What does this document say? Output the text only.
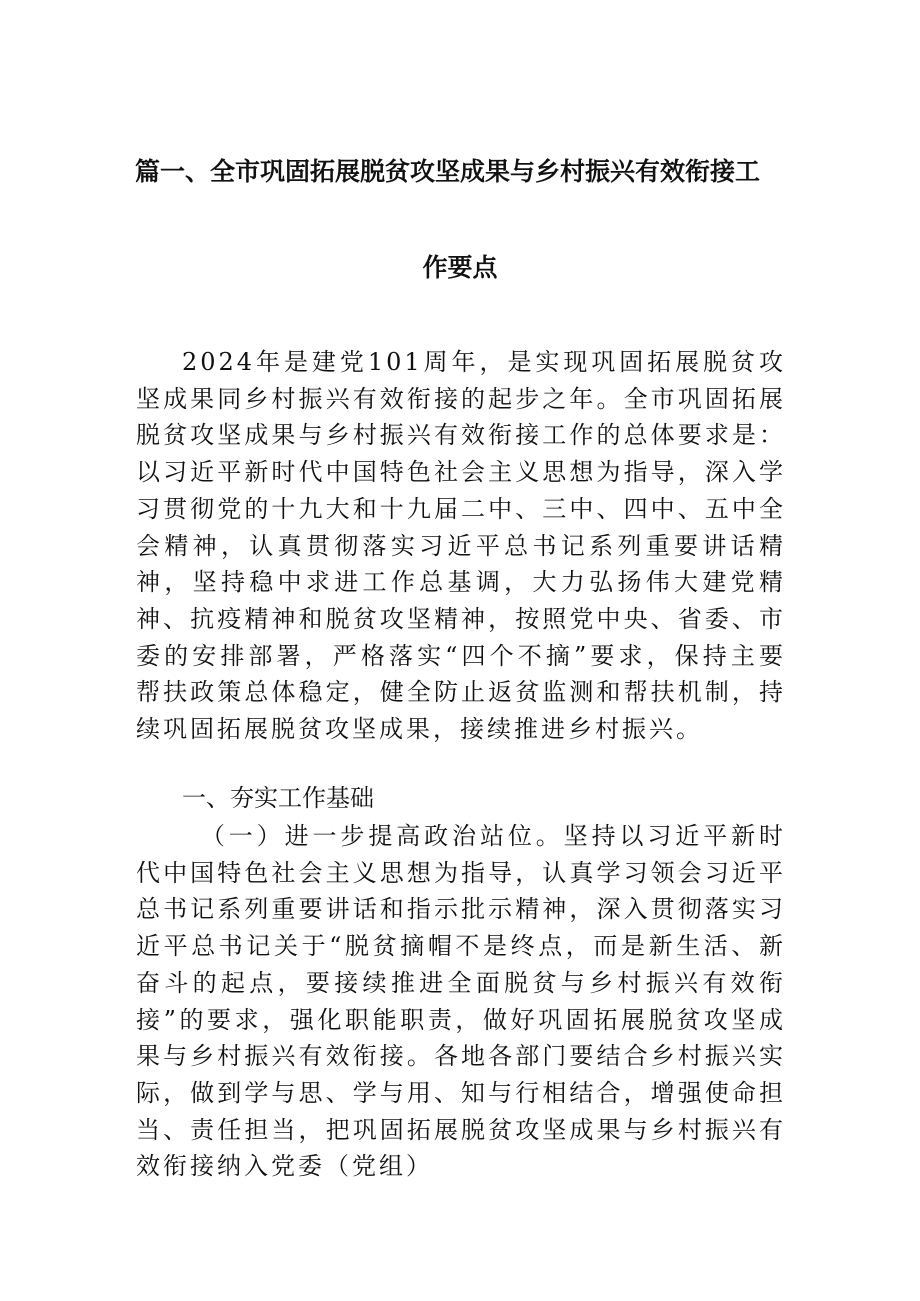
篇一、全市巩固拓展脱贫攻坚成果与乡村振兴有效衔接工
作要点
2024年是建党101周年，是实现巩固拓展脱贫攻坚成果同乡村振兴有效衔接的起步之年。全市巩固拓展脱贫攻坚成果与乡村振兴有效衔接工作的总体要求是：以习近平新时代中国特色社会主义思想为指导，深入学习贯彻党的十九大和十九届二中、三中、四中、五中全会精神，认真贯彻落实习近平总书记系列重要讲话精神，坚持稳中求进工作总基调，大力弘扬伟大建党精神、抗疫精神和脱贫攻坚精神，按照党中央、省委、市委的安排部署，严格落实“四个不摘”要求，保持主要帮扶政策总体稳定，健全防止返贫监测和帮扶机制，持续巩固拓展脱贫攻坚成果，接续推进乡村振兴。
一、夯实工作基础
（一）进一步提高政治站位。坚持以习近平新时代中国特色社会主义思想为指导，认真学习领会习近平总书记系列重要讲话和指示批示精神，深入贯彻落实习近平总书记关于“脱贫摘帽不是终点，而是新生活、新奋斗的起点，要接续推进全面脱贫与乡村振兴有效衔接”的要求，强化职能职责，做好巩固拓展脱贫攻坚成果与乡村振兴有效衔接。各地各部门要结合乡村振兴实际，做到学与思、学与用、知与行相结合，增强使命担当、责任担当，把巩固拓展脱贫攻坚成果与乡村振兴有效衔接纳入党委（党组）
